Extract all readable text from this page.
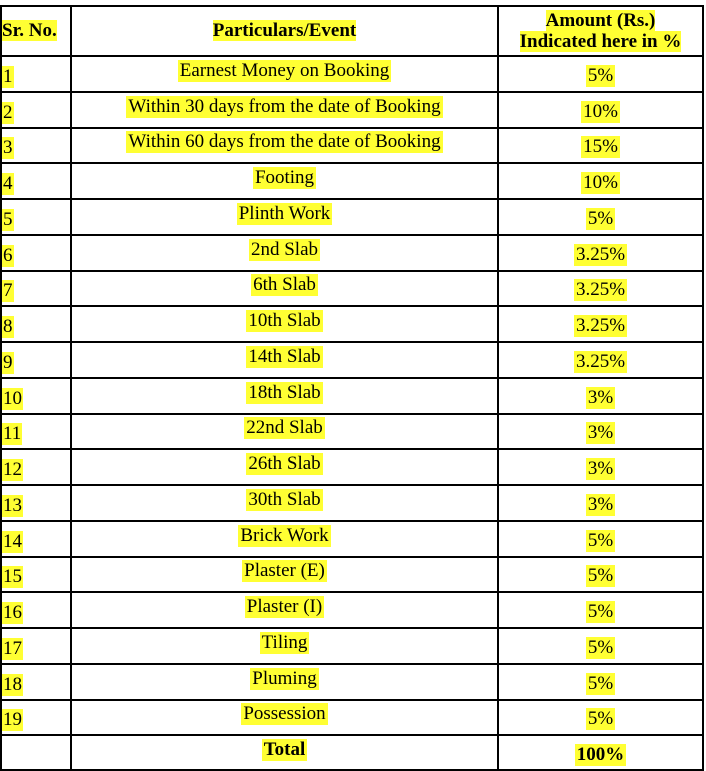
Sr. No.	Particulars/Event	Amount (Rs.)
Indicated here in %
1	Earnest Money on Booking	5%
2	Within 30 days from the date of Booking	10%
3	Within 60 days from the date of Booking	15%
4	Footing	10%
5	Plinth Work	5%
6	2nd Slab	3.25%
7	6th Slab	3.25%
8	10th Slab	3.25%
9	14th Slab	3.25%
10	18th Slab	3%
11	22nd Slab	3%
12	26th Slab	3%
13	30th Slab	3%
14	Brick Work	5%
15	Plaster (E)	5%
16	Plaster (I)	5%
17	Tiling	5%
18	Pluming	5%
19	Possession	5%
	Total	100%
